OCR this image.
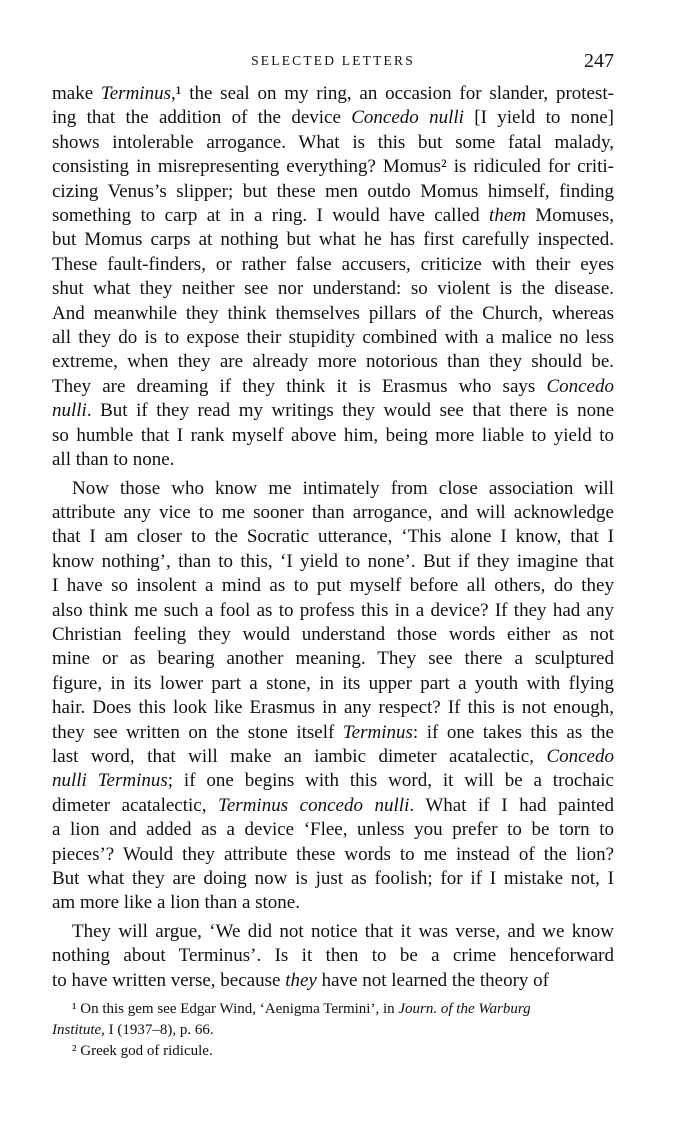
SELECTED LETTERS	247
make Terminus,¹ the seal on my ring, an occasion for slander, protest-
ing that the addition of the device Concedo nulli [I yield to none]
shows intolerable arrogance. What is this but some fatal malady,
consisting in misrepresenting everything? Momus² is ridiculed for criti-
cizing Venus’s slipper; but these men outdo Momus himself, finding
something to carp at in a ring. I would have called them Momuses,
but Momus carps at nothing but what he has first carefully inspected.
These fault-finders, or rather false accusers, criticize with their eyes
shut what they neither see nor understand: so violent is the disease.
And meanwhile they think themselves pillars of the Church, whereas
all they do is to expose their stupidity combined with a malice no less
extreme, when they are already more notorious than they should be.
They are dreaming if they think it is Erasmus who says Concedo
nulli. But if they read my writings they would see that there is none
so humble that I rank myself above him, being more liable to yield to
all than to none.
Now those who know me intimately from close association will
attribute any vice to me sooner than arrogance, and will acknowledge
that I am closer to the Socratic utterance, ‘This alone I know, that I
know nothing’, than to this, ‘I yield to none’. But if they imagine that
I have so insolent a mind as to put myself before all others, do they
also think me such a fool as to profess this in a device? If they had any
Christian feeling they would understand those words either as not
mine or as bearing another meaning. They see there a sculptured
figure, in its lower part a stone, in its upper part a youth with flying
hair. Does this look like Erasmus in any respect? If this is not enough,
they see written on the stone itself Terminus: if one takes this as the
last word, that will make an iambic dimeter acatalectic, Concedo
nulli Terminus; if one begins with this word, it will be a trochaic
dimeter acatalectic, Terminus concedo nulli. What if I had painted
a lion and added as a device ‘Flee, unless you prefer to be torn to
pieces’? Would they attribute these words to me instead of the lion?
But what they are doing now is just as foolish; for if I mistake not, I
am more like a lion than a stone.
They will argue, ‘We did not notice that it was verse, and we know
nothing about Terminus’. Is it then to be a crime henceforward
to have written verse, because they have not learned the theory of
¹ On this gem see Edgar Wind, ‘Aenigma Termini’, in Journ. of the Warburg
Institute, I (1937–8), p. 66.
² Greek god of ridicule.
